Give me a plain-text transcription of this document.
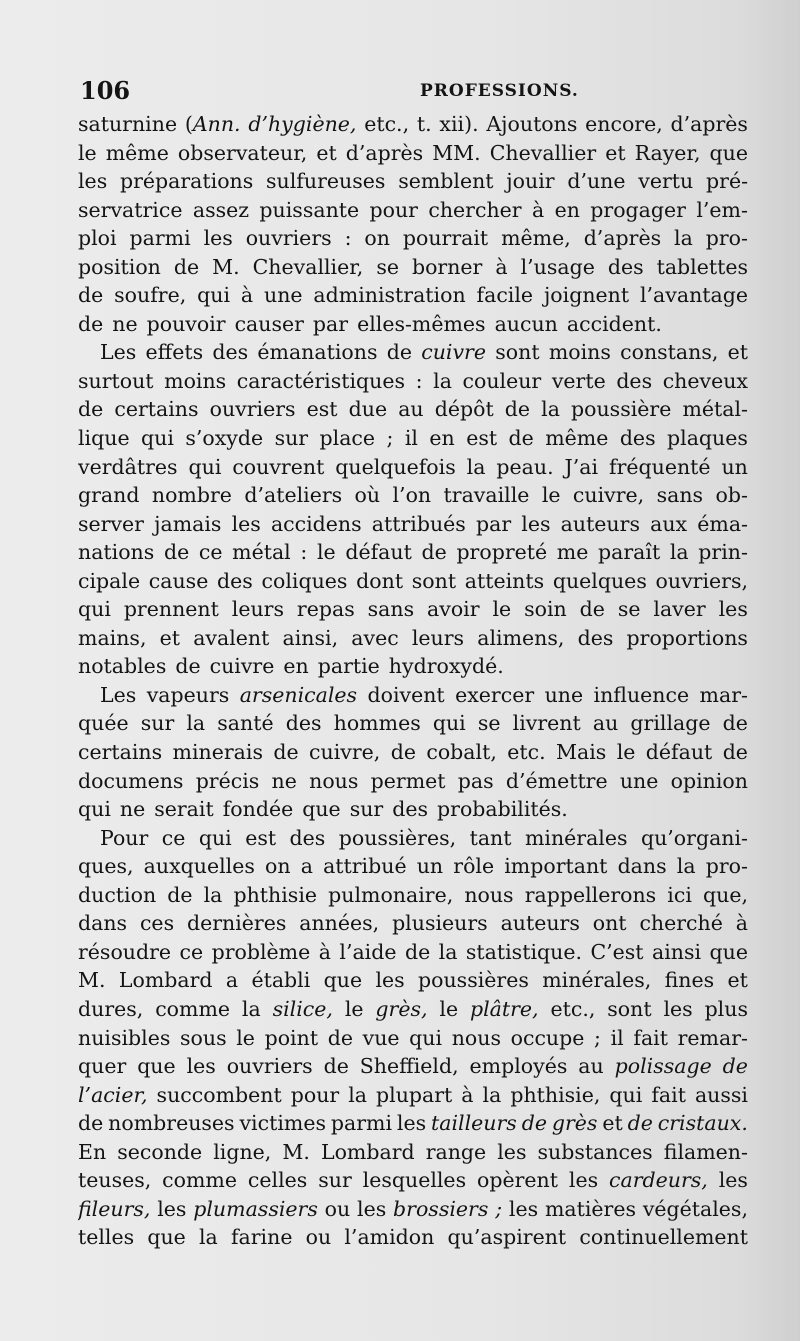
106	PROFESSIONS.
saturnine (Ann. d’hygiène, etc., t. xii). Ajoutons encore, d’après
le même observateur, et d’après MM. Chevallier et Rayer, que
les préparations sulfureuses semblent jouir d’une vertu pré-
servatrice assez puissante pour chercher à en progager l’em-
ploi parmi les ouvriers : on pourrait même, d’après la pro-
position de M. Chevallier, se borner à l’usage des tablettes
de soufre, qui à une administration facile joignent l’avantage
de ne pouvoir causer par elles-mêmes aucun accident.
Les effets des émanations de cuivre sont moins constans, et
surtout moins caractéristiques : la couleur verte des cheveux
de certains ouvriers est due au dépôt de la poussière métal-
lique qui s’oxyde sur place ; il en est de même des plaques
verdâtres qui couvrent quelquefois la peau. J’ai fréquenté un
grand nombre d’ateliers où l’on travaille le cuivre, sans ob-
server jamais les accidens attribués par les auteurs aux éma-
nations de ce métal : le défaut de propreté me paraît la prin-
cipale cause des coliques dont sont atteints quelques ouvriers,
qui prennent leurs repas sans avoir le soin de se laver les
mains, et avalent ainsi, avec leurs alimens, des proportions
notables de cuivre en partie hydroxydé.
Les vapeurs arsenicales doivent exercer une influence mar-
quée sur la santé des hommes qui se livrent au grillage de
certains minerais de cuivre, de cobalt, etc. Mais le défaut de
documens précis ne nous permet pas d’émettre une opinion
qui ne serait fondée que sur des probabilités.
Pour ce qui est des poussières, tant minérales qu’organi-
ques, auxquelles on a attribué un rôle important dans la pro-
duction de la phthisie pulmonaire, nous rappellerons ici que,
dans ces dernières années, plusieurs auteurs ont cherché à
résoudre ce problème à l’aide de la statistique. C’est ainsi que
M. Lombard a établi que les poussières minérales, fines et
dures, comme la silice, le grès, le plâtre, etc., sont les plus
nuisibles sous le point de vue qui nous occupe ; il fait remar-
quer que les ouvriers de Sheffield, employés au polissage de
l’acier, succombent pour la plupart à la phthisie, qui fait aussi
de nombreuses victimes parmi les tailleurs de grès et de cristaux.
En seconde ligne, M. Lombard range les substances filamen-
teuses, comme celles sur lesquelles opèrent les cardeurs, les
fileurs, les plumassiers ou les brossiers ; les matières végétales,
telles que la farine ou l’amidon qu’aspirent continuellement
